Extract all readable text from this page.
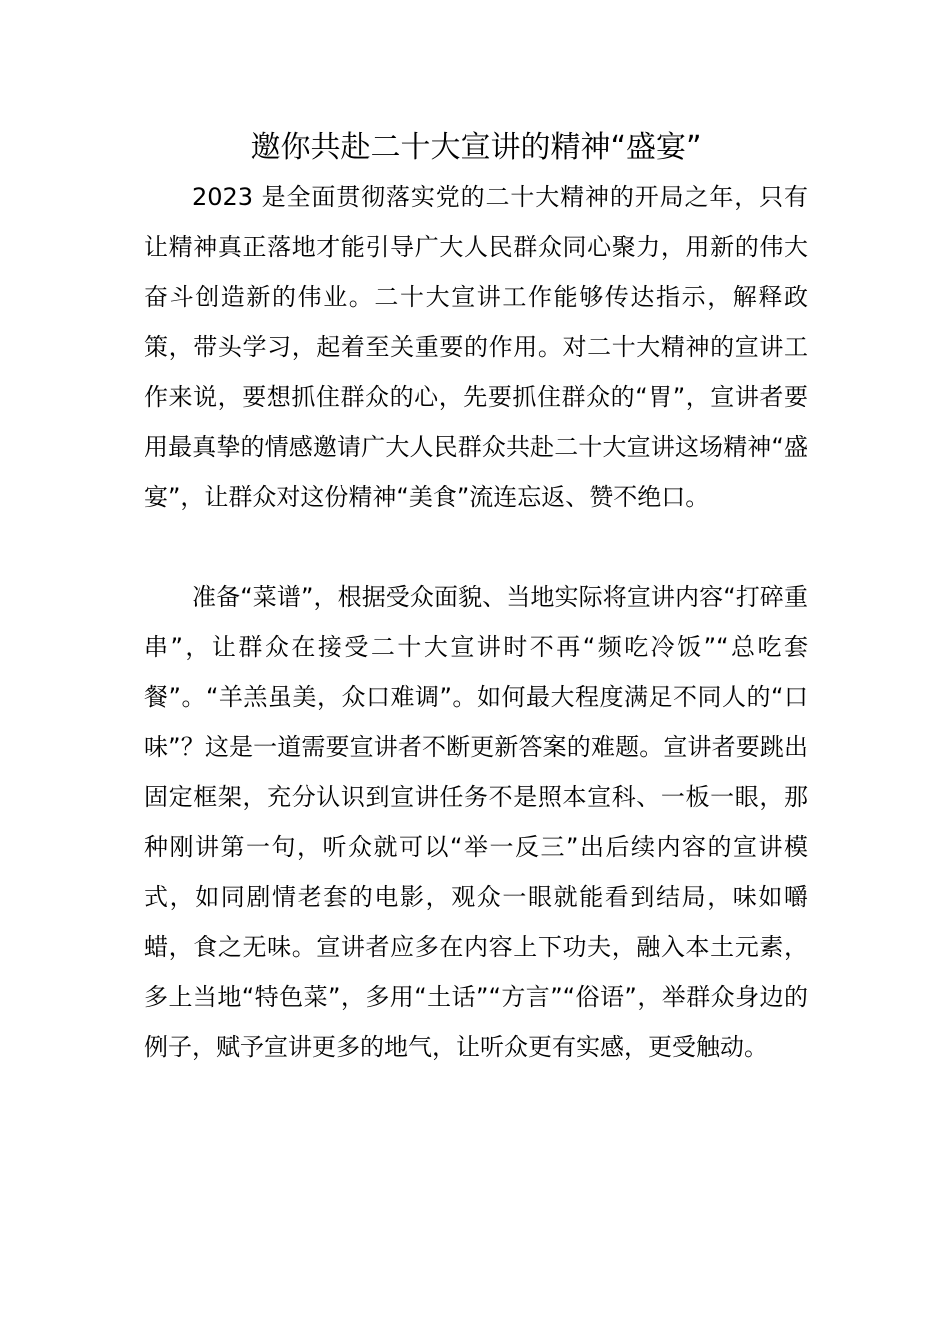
邀你共赴二十大宣讲的精神“盛宴”

2023 是全面贯彻落实党的二十大精神的开局之年，只有让精神真正落地才能引导广大人民群众同心聚力，用新的伟大奋斗创造新的伟业。二十大宣讲工作能够传达指示，解释政策，带头学习，起着至关重要的作用。对二十大精神的宣讲工作来说，要想抓住群众的心，先要抓住群众的“胃”，宣讲者要用最真挚的情感邀请广大人民群众共赴二十大宣讲这场精神“盛宴”，让群众对这份精神“美食”流连忘返、赞不绝口。

准备“菜谱”，根据受众面貌、当地实际将宣讲内容“打碎重串”，让群众在接受二十大宣讲时不再“频吃冷饭”“总吃套餐”。“羊羔虽美，众口难调”。如何最大程度满足不同人的“口味”？这是一道需要宣讲者不断更新答案的难题。宣讲者要跳出固定框架，充分认识到宣讲任务不是照本宣科、一板一眼，那种刚讲第一句，听众就可以“举一反三”出后续内容的宣讲模式，如同剧情老套的电影，观众一眼就能看到结局，味如嚼蜡，食之无味。宣讲者应多在内容上下功夫，融入本土元素，多上当地“特色菜”，多用“土话”“方言”“俗语”，举群众身边的例子，赋予宣讲更多的地气，让听众更有实感，更受触动。
